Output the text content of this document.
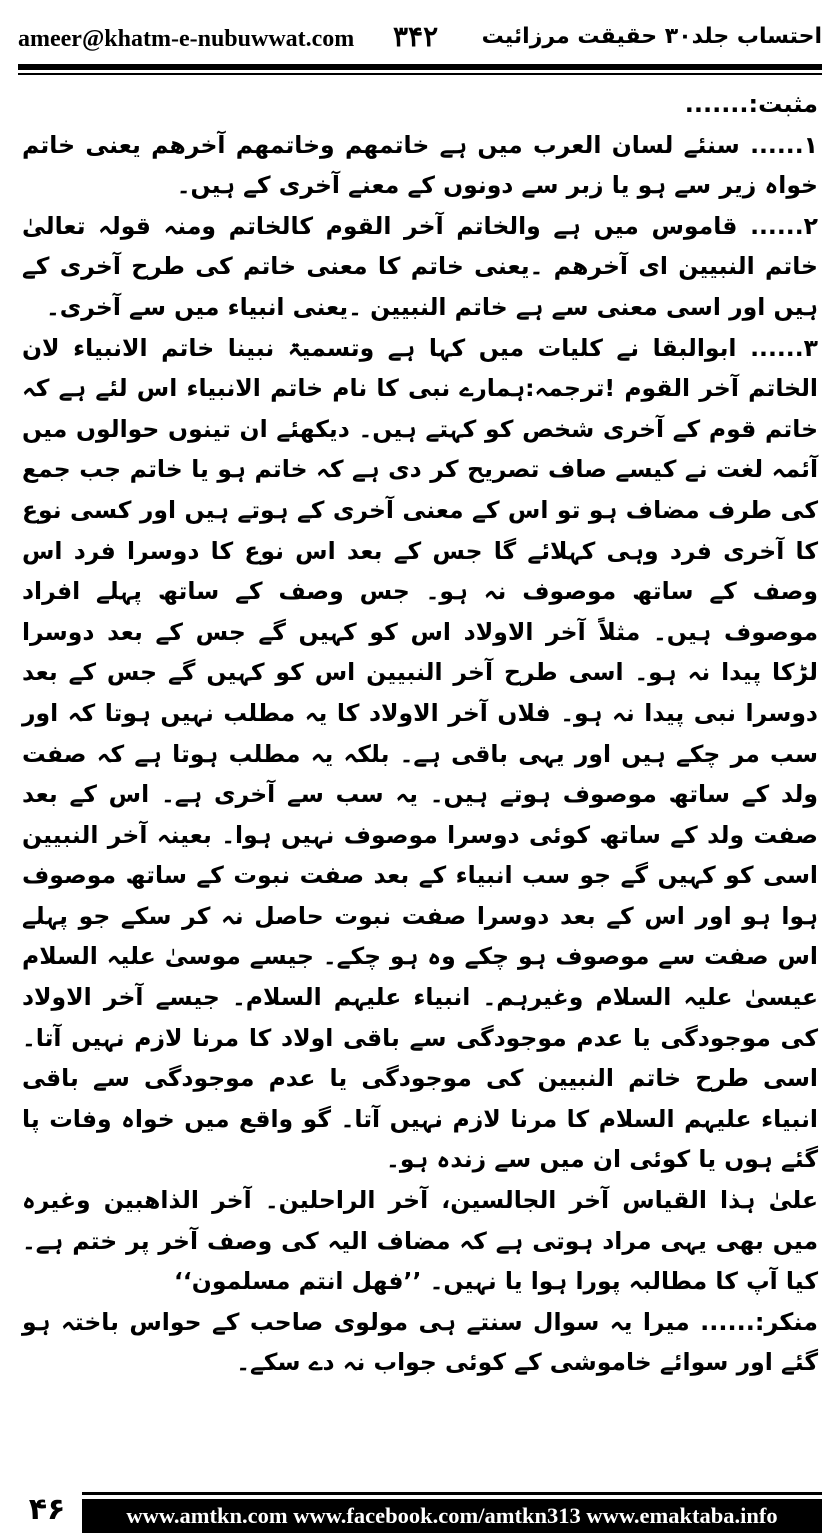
ameer@khatm-e-nubuwwat.com ۳۴۲ احتساب جلد۳۰ حقیقت مرزائیت

مثبت:.......

۱...... سنئے لسان العرب میں ہے خاتمھم وخاتمھم آخرھم یعنی خاتم خواہ زیر سے ہو یا زبر سے دونوں کے معنے آخری کے ہیں۔

۲...... قاموس میں ہے والخاتم آخر القوم کالخاتم ومنہ قولہ تعالیٰ خاتم النبیین ای آخرھم ۔یعنی خاتم کا معنی خاتم کی طرح آخری کے ہیں اور اسی معنی سے ہے خاتم النبیین ۔یعنی انبیاء میں سے آخری۔

۳...... ابوالبقا نے کلیات میں کہا ہے وتسمیۃ نبینا خاتم الانبیاء لان الخاتم آخر القوم !ترجمہ:ہمارے نبی کا نام خاتم الانبیاء اس لئے ہے کہ خاتم قوم کے آخری شخص کو کہتے ہیں۔ دیکھئے ان تینوں حوالوں میں آئمہ لغت نے کیسے صاف تصریح کر دی ہے کہ خاتم ہو یا خاتم جب جمع کی طرف مضاف ہو تو اس کے معنی آخری کے ہوتے ہیں اور کسی نوع کا آخری فرد وہی کہلائے گا جس کے بعد اس نوع کا دوسرا فرد اس وصف کے ساتھ موصوف نہ ہو۔ جس وصف کے ساتھ پہلے افراد موصوف ہیں۔ مثلاً آخر الاولاد اس کو کہیں گے جس کے بعد دوسرا لڑکا پیدا نہ ہو۔ اسی طرح آخر النبیین اس کو کہیں گے جس کے بعد دوسرا نبی پیدا نہ ہو۔ فلاں آخر الاولاد کا یہ مطلب نہیں ہوتا کہ اور سب مر چکے ہیں اور یہی باقی ہے۔ بلکہ یہ مطلب ہوتا ہے کہ صفت ولد کے ساتھ موصوف ہوتے ہیں۔ یہ سب سے آخری ہے۔ اس کے بعد صفت ولد کے ساتھ کوئی دوسرا موصوف نہیں ہوا۔ بعینہ آخر النبیین اسی کو کہیں گے جو سب انبیاء کے بعد صفت نبوت کے ساتھ موصوف ہوا ہو اور اس کے بعد دوسرا صفت نبوت حاصل نہ کر سکے جو پہلے اس صفت سے موصوف ہو چکے وہ ہو چکے۔ جیسے موسیٰ علیہ السلام عیسیٰ علیہ السلام وغیرہم۔ انبیاء علیہم السلام۔ جیسے آخر الاولاد کی موجودگی یا عدم موجودگی سے باقی اولاد کا مرنا لازم نہیں آتا۔ اسی طرح خاتم النبیین کی موجودگی یا عدم موجودگی سے باقی انبیاء علیہم السلام کا مرنا لازم نہیں آتا۔ گو واقع میں خواہ وفات پا گئے ہوں یا کوئی ان میں سے زندہ ہو۔

علیٰ ہذا القیاس آخر الجالسین، آخر الراحلین۔ آخر الذاھبین وغیرہ میں بھی یہی مراد ہوتی ہے کہ مضاف الیہ کی وصف آخر پر ختم ہے۔ کیا آپ کا مطالبہ پورا ہوا یا نہیں۔ ’’فھل انتم مسلمون‘‘

منکر:...... میرا یہ سوال سنتے ہی مولوی صاحب کے حواس باختہ ہو گئے اور سوائے خاموشی کے کوئی جواب نہ دے سکے۔

۴۶	www.amtkn.com www.facebook.com/amtkn313 www.emaktaba.info
